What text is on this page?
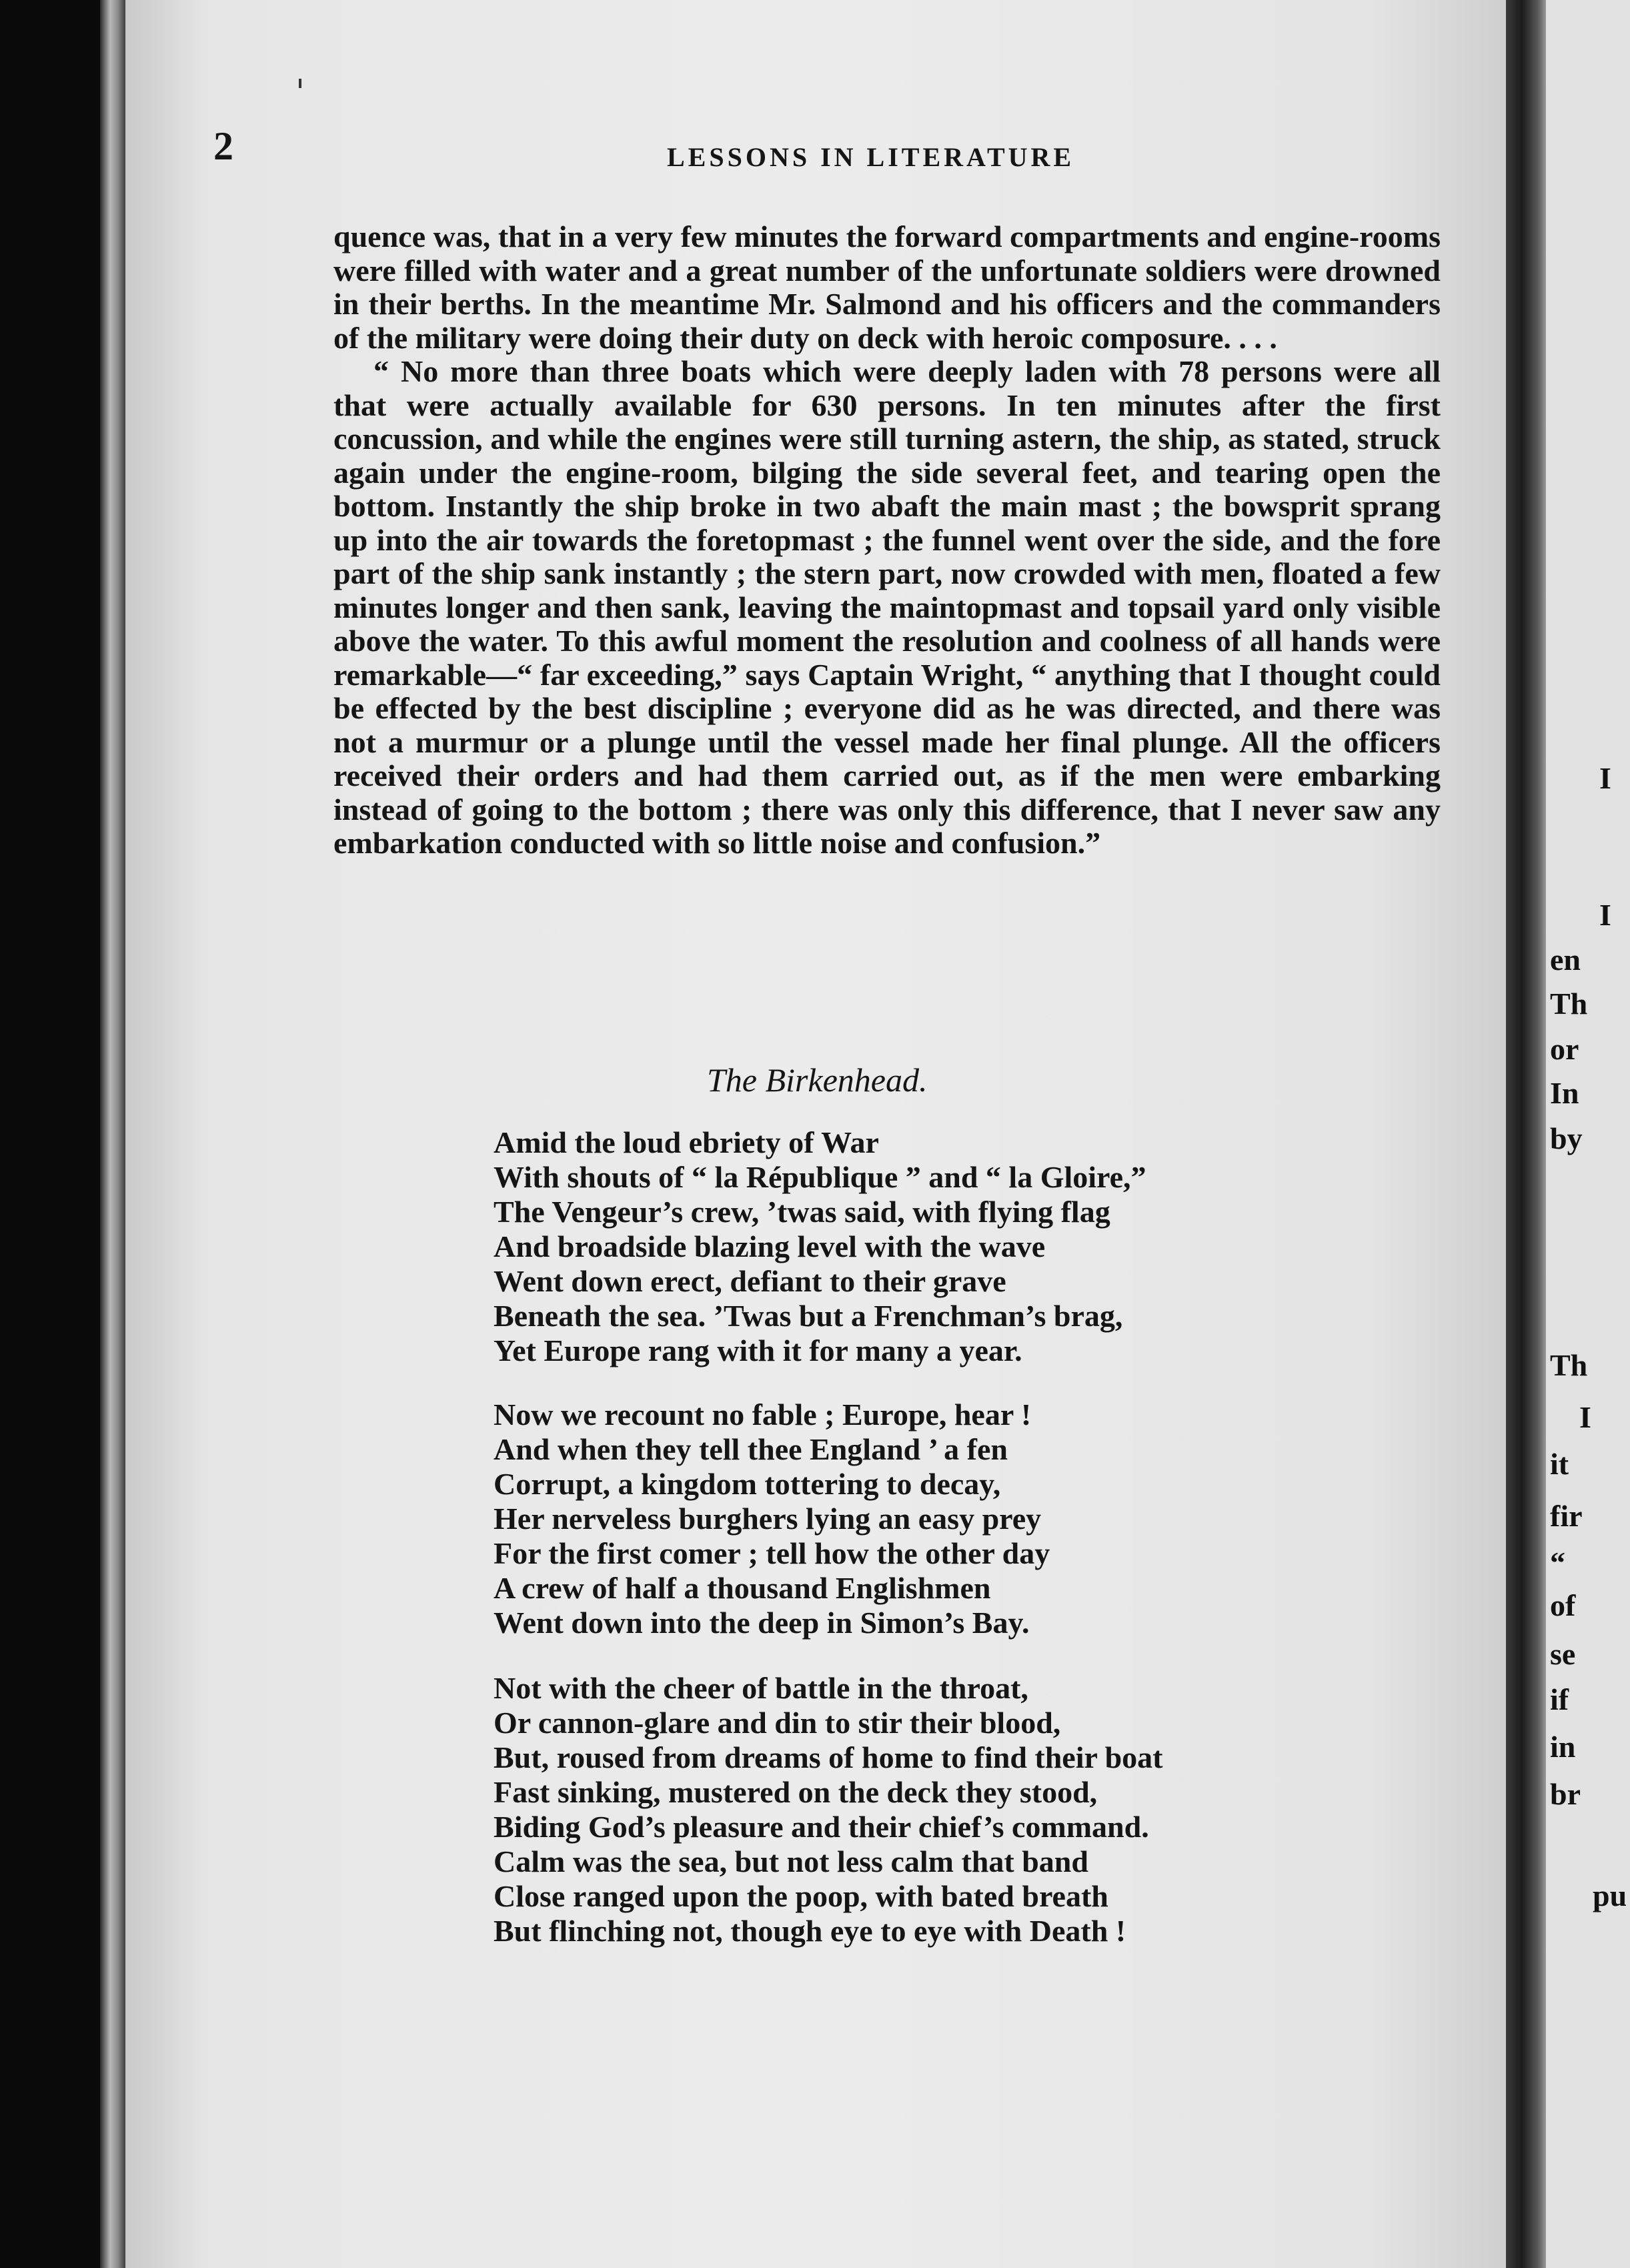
2	LESSONS IN LITERATURE

quence was, that in a very few minutes the forward compartments and engine-rooms were filled with water and a great number of the unfortunate soldiers were drowned in their berths. In the meantime Mr. Salmond and his officers and the commanders of the military were doing their duty on deck with heroic composure. . . .

“ No more than three boats which were deeply laden with 78 persons were all that were actually available for 630 persons. In ten minutes after the first concussion, and while the engines were still turning astern, the ship, as stated, struck again under the engine-room, bilging the side several feet, and tearing open the bottom. Instantly the ship broke in two abaft the main mast ; the bowsprit sprang up into the air towards the foretopmast ; the funnel went over the side, and the fore part of the ship sank instantly ; the stern part, now crowded with men, floated a few minutes longer and then sank, leaving the maintopmast and topsail yard only visible above the water. To this awful moment the resolution and coolness of all hands were remarkable—“ far exceeding,” says Captain Wright, “ anything that I thought could be effected by the best discipline ; everyone did as he was directed, and there was not a murmur or a plunge until the vessel made her final plunge. All the officers received their orders and had them carried out, as if the men were embarking instead of going to the bottom ; there was only this difference, that I never saw any embarkation conducted with so little noise and confusion.”

The Birkenhead.
Amid the loud ebriety of War
With shouts of “ la République ” and “ la Gloire,”
The Vengeur’s crew, ’twas said, with flying flag
And broadside blazing level with the wave
Went down erect, defiant to their grave
Beneath the sea. ’Twas but a Frenchman’s brag,
Yet Europe rang with it for many a year.
Now we recount no fable ; Europe, hear !
And when they tell thee England ’ a fen
Corrupt, a kingdom tottering to decay,
Her nerveless burghers lying an easy prey
For the first comer ; tell how the other day
A crew of half a thousand Englishmen
Went down into the deep in Simon’s Bay.
Not with the cheer of battle in the throat,
Or cannon-glare and din to stir their blood,
But, roused from dreams of home to find their boat
Fast sinking, mustered on the deck they stood,
Biding God’s pleasure and their chief’s command.
Calm was the sea, but not less calm that band
Close ranged upon the poop, with bated breath
But flinching not, though eye to eye with Death !
I
I
en
Th
or
In
by
Th
I
it
fir
“
of
se
if
in
br
pu
